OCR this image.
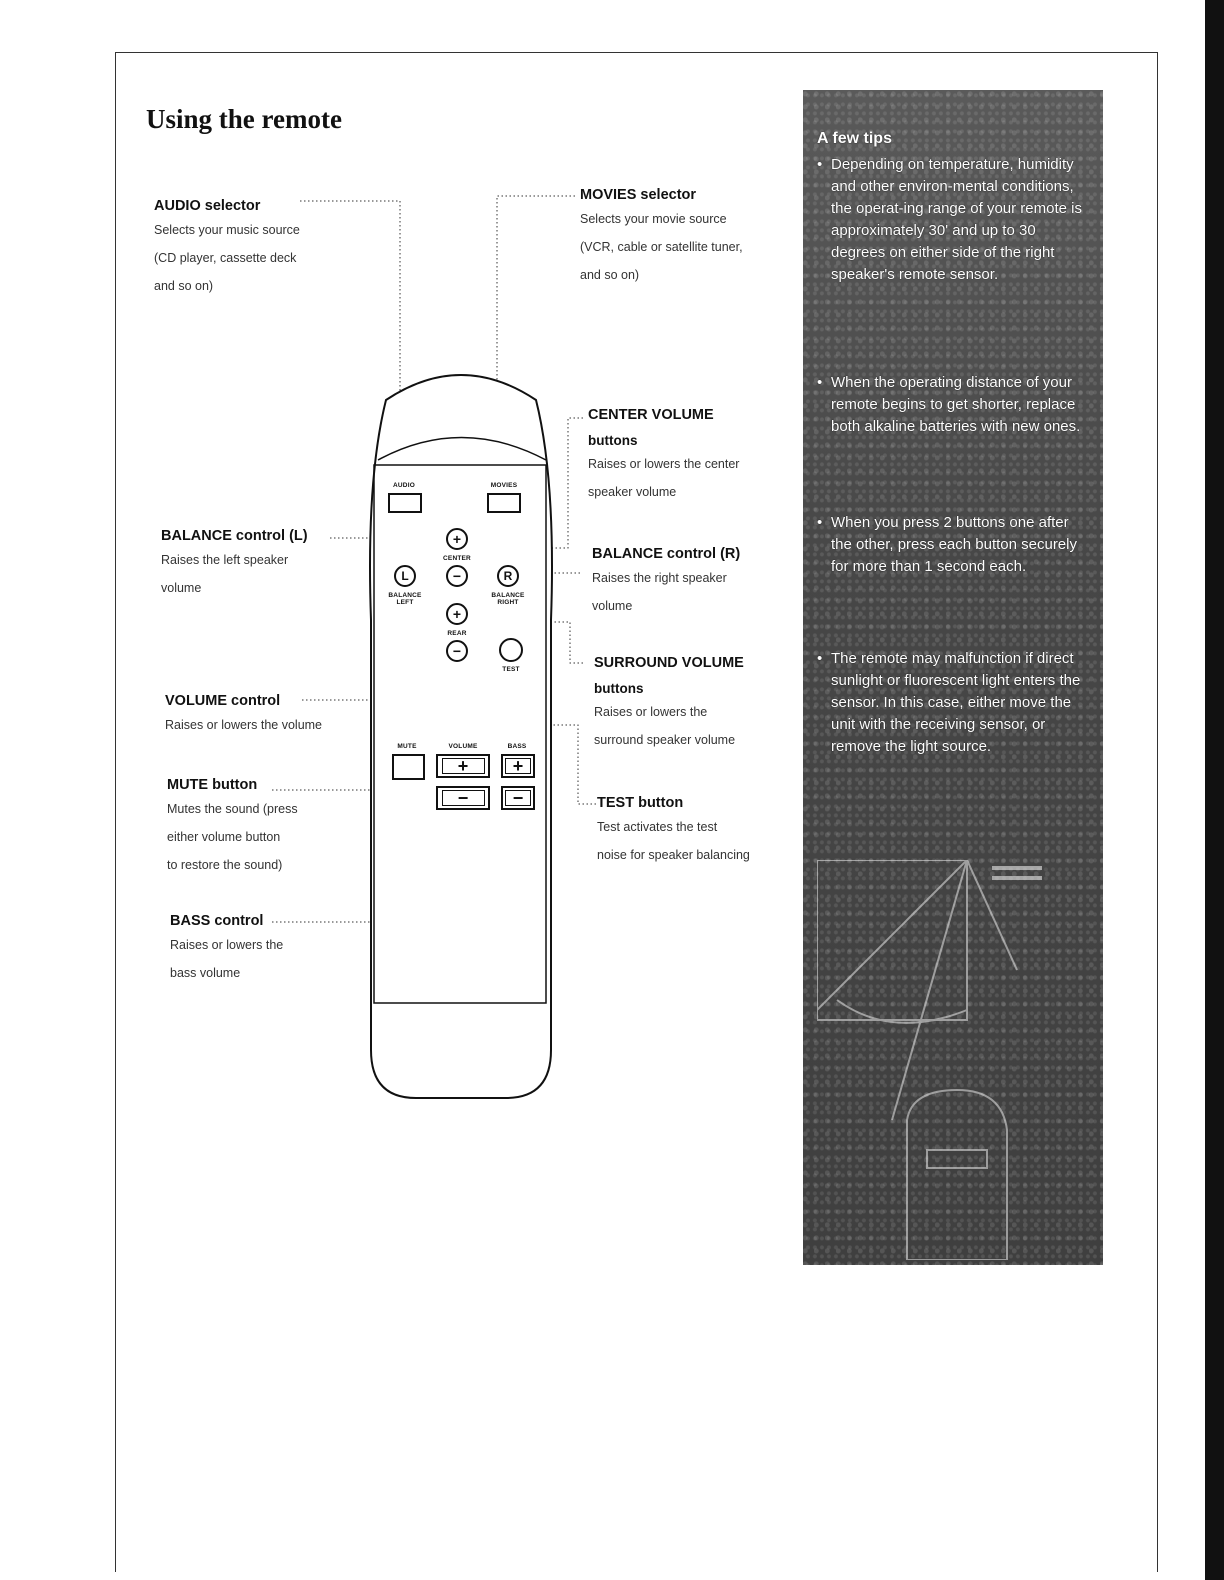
Using the remote
AUDIO selector
Selects your music source
(CD player, cassette deck
and so on)
BALANCE control (L)
Raises the left speaker
volume
VOLUME control
Raises or lowers the volume
MUTE button
Mutes the sound (press
either volume button
to restore the sound)
BASS control
Raises or lowers the
bass volume
MOVIES selector
Selects your movie source
(VCR, cable or satellite tuner,
and so on)
CENTER VOLUME
buttons
Raises or lowers the center
speaker volume
BALANCE control (R)
Raises the right speaker
volume
SURROUND VOLUME
buttons
Raises or lowers the
surround speaker volume
TEST button
Test activates the test
noise for speaker balancing
AUDIO	MOVIES
+
CENTER
−
L
BALANCE
LEFT
R
BALANCE
RIGHT
+
REAR
−
TEST
MUTE	VOLUME
+
−
BASS
+
−
A few tips
• Depending on temperature, humidity and other environ-mental conditions, the operat-ing range of your remote is approximately 30' and up to 30 degrees on either side of the right speaker's remote sensor.
• When the operating distance of your remote begins to get shorter, replace both alkaline batteries with new ones.
• When you press 2 buttons one after the other, press each button securely for more than 1 second each.
• The remote may malfunction if direct sunlight or fluorescent light enters the sensor. In this case, either move the unit with the receiving sensor, or remove the light source.
